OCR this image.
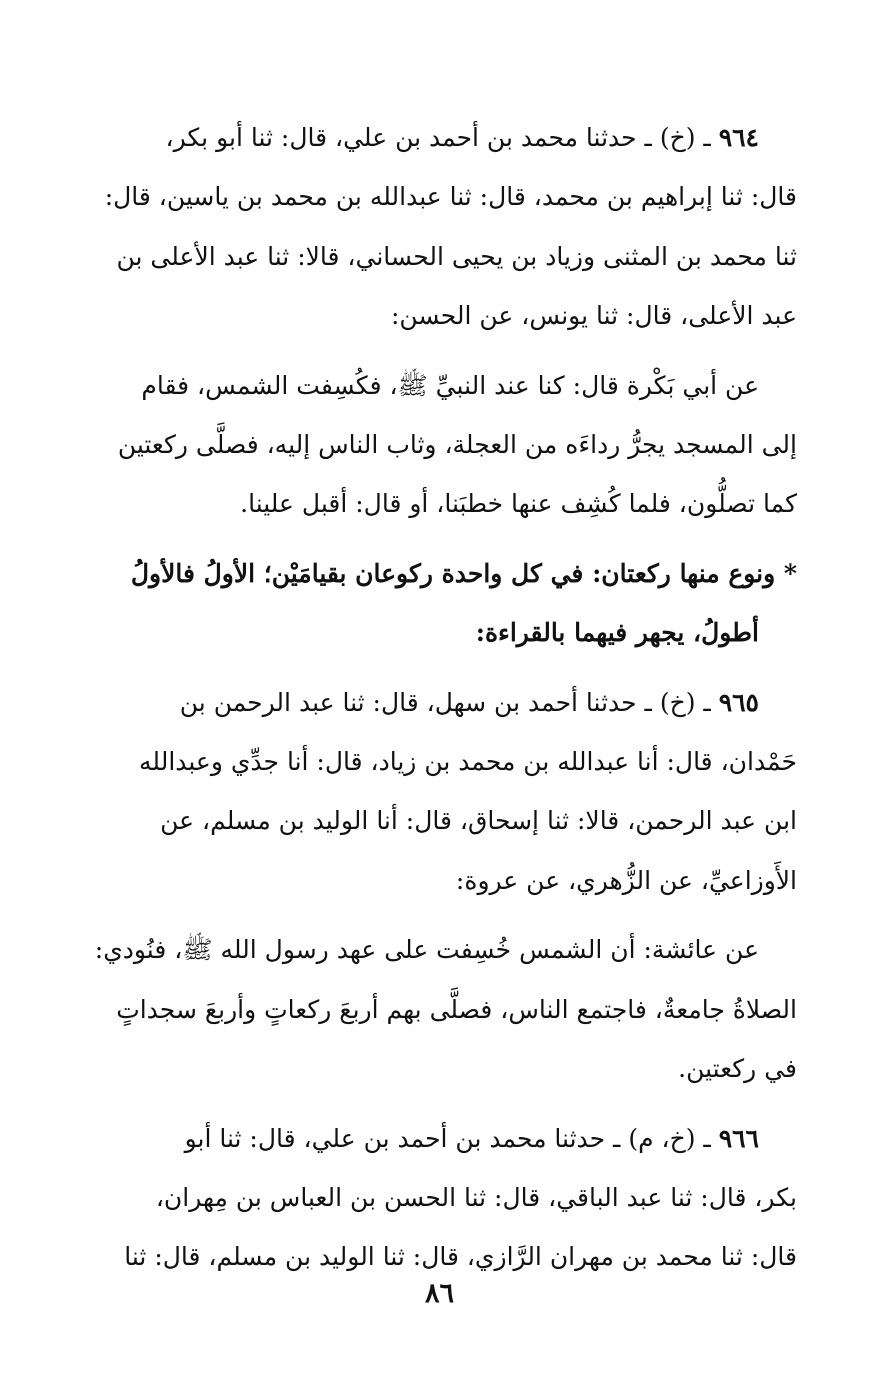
٩٦٤ ـ (خ) ـ حدثنا محمد بن أحمد بن علي، قال: ثنا أبو بكر،
قال: ثنا إبراهيم بن محمد، قال: ثنا عبدالله بن محمد بن ياسين، قال:
ثنا محمد بن المثنى وزياد بن يحيى الحساني، قالا: ثنا عبد الأعلى بن
عبد الأعلى، قال: ثنا يونس، عن الحسن:

عن أبي بَكْرة قال: كنا عند النبيِّ ﷺ، فكُسِفت الشمس، فقام
إلى المسجد يجرُّ رداءَه من العجلة، وثاب الناس إليه، فصلَّى ركعتين
كما تصلُّون، فلما كُشِف عنها خطبَنا، أو قال: أقبل علينا.

* ونوع منها ركعتان: في كل واحدة ركوعان بقيامَيْن؛ الأولُ فالأولُ
أطولُ، يجهر فيهما بالقراءة:

٩٦٥ ـ (خ) ـ حدثنا أحمد بن سهل، قال: ثنا عبد الرحمن بن
حَمْدان، قال: أنا عبدالله بن محمد بن زياد، قال: أنا جدِّي وعبدالله
ابن عبد الرحمن، قالا: ثنا إسحاق، قال: أنا الوليد بن مسلم، عن
الأَوزاعيِّ، عن الزُّهري، عن عروة:

عن عائشة: أن الشمس خُسِفت على عهد رسول الله ﷺ، فنُودي:
الصلاةُ جامعةٌ، فاجتمع الناس، فصلَّى بهم أربعَ ركعاتٍ وأربعَ سجداتٍ
في ركعتين.

٩٦٦ ـ (خ، م) ـ حدثنا محمد بن أحمد بن علي، قال: ثنا أبو
بكر، قال: ثنا عبد الباقي، قال: ثنا الحسن بن العباس بن مِهران،
قال: ثنا محمد بن مهران الرَّازي، قال: ثنا الوليد بن مسلم، قال: ثنا

٨٦
